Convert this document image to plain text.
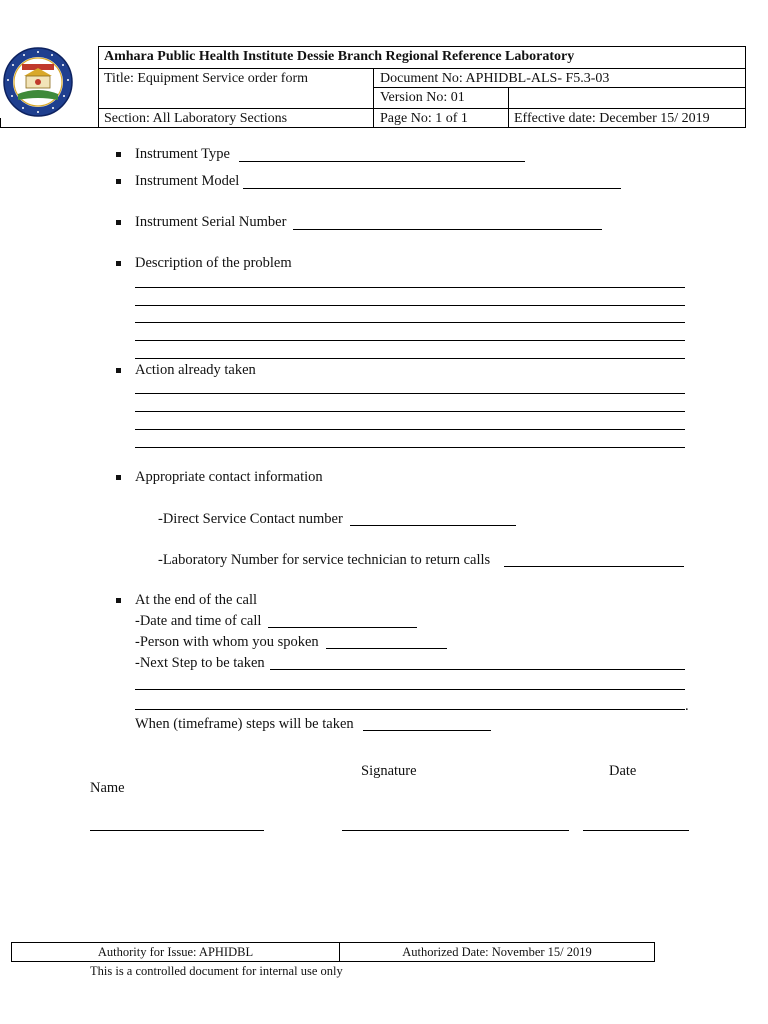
Amhara Public Health Institute Dessie Branch Regional Reference Laboratory
Title: Equipment Service order form	Document No: APHIDBL-ALS- F5.3-03
Version No: 01
Section: All Laboratory Sections	Page No: 1 of 1	Effective date: December 15/ 2019
Instrument Type
Instrument Model
Instrument Serial Number
Description of the problem
Action already taken
Appropriate contact information
-Direct Service Contact number
-Laboratory Number for service technician to return calls
At the end of the call
-Date and time of call
-Person with whom you spoken
-Next Step to be taken
.
When (timeframe) steps will be taken
Signature	Date
Name
Authority for Issue: APHIDBL	Authorized Date: November 15/ 2019
This is a controlled document for internal use only
